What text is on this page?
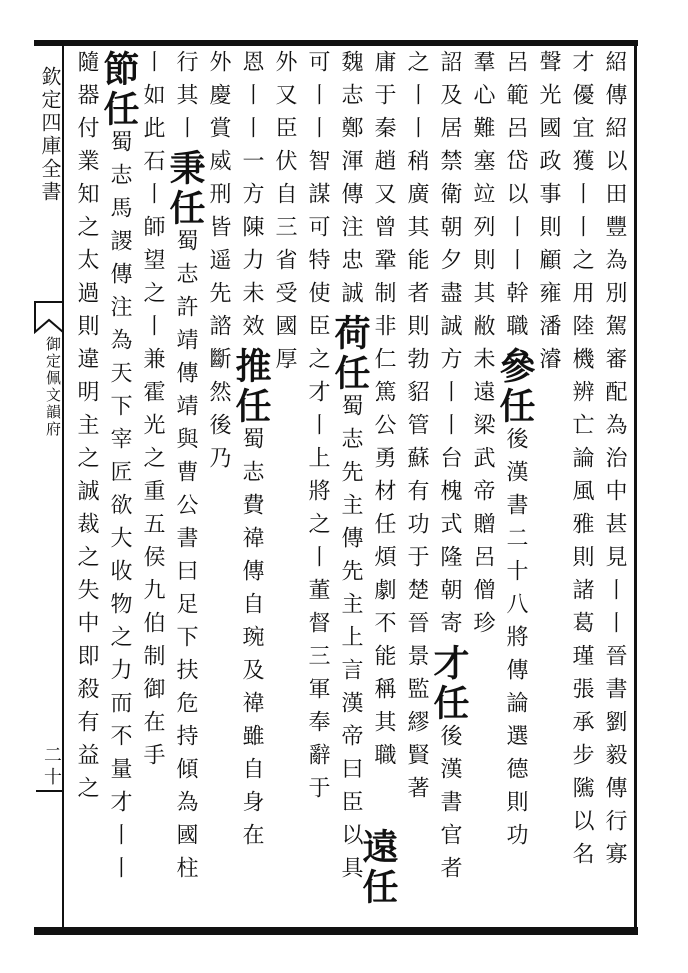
欽定四庫全書
御定佩文韻府
二十	紹傳紹以田豐為別駕審配為治中甚見丨丨晉書劉毅傳行寡
才優宜獲丨丨之用陸機辨亡論風雅則諸葛瑾張承步隲以名
聲光國政事則顧雍潘濬
呂範呂岱以丨丨幹職參任後漢書二十八將傳論選德則功
羣心難塞竝列則其敝未遠梁武帝贈呂僧珍
詔及居禁衛朝夕盡誠方丨丨台槐式隆朝寄才任後漢書官者
之丨丨稍廣其能者則勃貂管蘇有功于楚晉景監繆賢著
庸于秦趙又曾鞏制非仁篤公勇材任煩劇不能稱其職
魏志鄭渾傳注忠誠荷任蜀志先主傳先主上言漢帝曰臣以具
可丨丨智謀可特使臣之才丨上將之丨董督三軍奉辭于
外又臣伏自三省受國厚
恩丨丨一方陳力未效推任蜀志費禕傳自琬及禕雖自身在
外慶賞威刑皆遥先諮斷然後乃
行其丨秉任蜀志許靖傳靖與曹公書曰足下扶危持傾為國柱
丨如此石丨師望之丨兼霍光之重五侯九伯制御在手
節任蜀志馬謖傳注為天下宰匠欲大收物之力而不量才丨丨
隨器付業知之太過則違明主之誠裁之失中即殺有益之
遠任
